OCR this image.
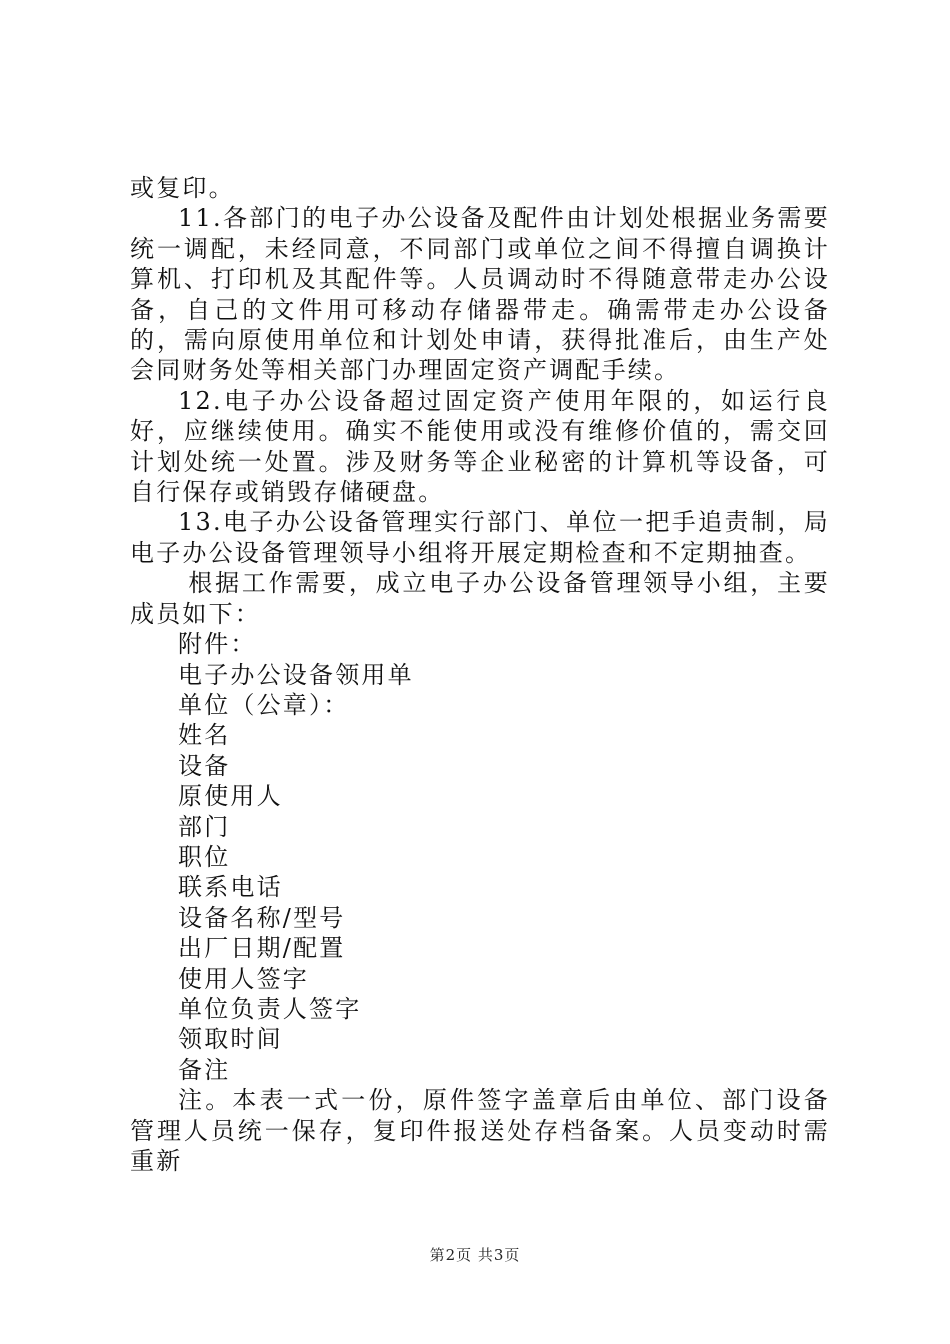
或复印。

11.各部门的电子办公设备及配件由计划处根据业务需要统一调配，未经同意，不同部门或单位之间不得擅自调换计算机、打印机及其配件等。人员调动时不得随意带走办公设备，自己的文件用可移动存储器带走。确需带走办公设备的，需向原使用单位和计划处申请，获得批准后，由生产处会同财务处等相关部门办理固定资产调配手续。

12.电子办公设备超过固定资产使用年限的，如运行良好，应继续使用。确实不能使用或没有维修价值的，需交回计划处统一处置。涉及财务等企业秘密的计算机等设备，可自行保存或销毁存储硬盘。

13.电子办公设备管理实行部门、单位一把手追责制，局电子办公设备管理领导小组将开展定期检查和不定期抽查。

根据工作需要，成立电子办公设备管理领导小组，主要成员如下：

附件：

电子办公设备领用单

单位（公章）：

姓名

设备

原使用人

部门

职位

联系电话

设备名称/型号

出厂日期/配置

使用人签字

单位负责人签字

领取时间

备注

注。本表一式一份，原件签字盖章后由单位、部门设备管理人员统一保存，复印件报送处存档备案。人员变动时需重新

第2页 共3页
